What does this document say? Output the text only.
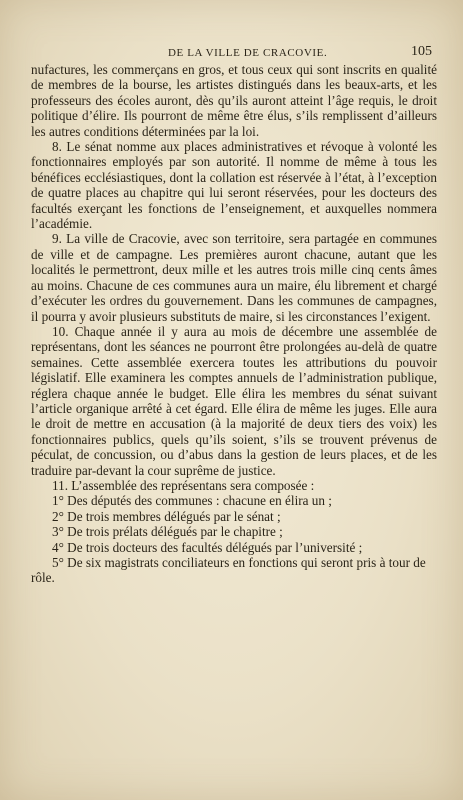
DE LA VILLE DE CRACOVIE.	105

nufactures, les commerçans en gros, et tous ceux qui sont inscrits en qualité de membres de la bourse, les artistes distingués dans les beaux-arts, et les professeurs des écoles auront, dès qu’ils auront atteint l’âge requis, le droit politique d’élire. Ils pourront de même être élus, s’ils remplissent d’ailleurs les autres conditions déterminées par la loi.

8. Le sénat nomme aux places administratives et révoque à volonté les fonctionnaires employés par son autorité. Il nomme de même à tous les bénéfices ecclésiastiques, dont la collation est réservée à l’état, à l’exception de quatre places au chapitre qui lui seront réservées, pour les docteurs des facultés exerçant les fonctions de l’enseignement, et auxquelles nommera l’académie.

9. La ville de Cracovie, avec son territoire, sera partagée en communes de ville et de campagne. Les premières auront chacune, autant que les localités le permettront, deux mille et les autres trois mille cinq cents âmes au moins. Chacune de ces communes aura un maire, élu librement et chargé d’exécuter les ordres du gouvernement. Dans les communes de campagnes, il pourra y avoir plusieurs substituts de maire, si les circonstances l’exigent.

10. Chaque année il y aura au mois de décembre une assemblée de représentans, dont les séances ne pourront être prolongées au-delà de quatre semaines. Cette assemblée exercera toutes les attributions du pouvoir législatif. Elle examinera les comptes annuels de l’administration publique, réglera chaque année le budget. Elle élira les membres du sénat suivant l’article organique arrêté à cet égard. Elle élira de même les juges. Elle aura le droit de mettre en accusation (à la majorité de deux tiers des voix) les fonctionnaires publics, quels qu’ils soient, s’ils se trouvent prévenus de péculat, de concussion, ou d’abus dans la gestion de leurs places, et de les traduire par-devant la cour suprême de justice.

11. L’assemblée des représentans sera composée :

1° Des députés des communes : chacune en élira un ;

2° De trois membres délégués par le sénat ;

3° De trois prélats délégués par le chapitre ;

4° De trois docteurs des facultés délégués par l’université ;

5° De six magistrats conciliateurs en fonctions qui seront pris à tour de rôle.
